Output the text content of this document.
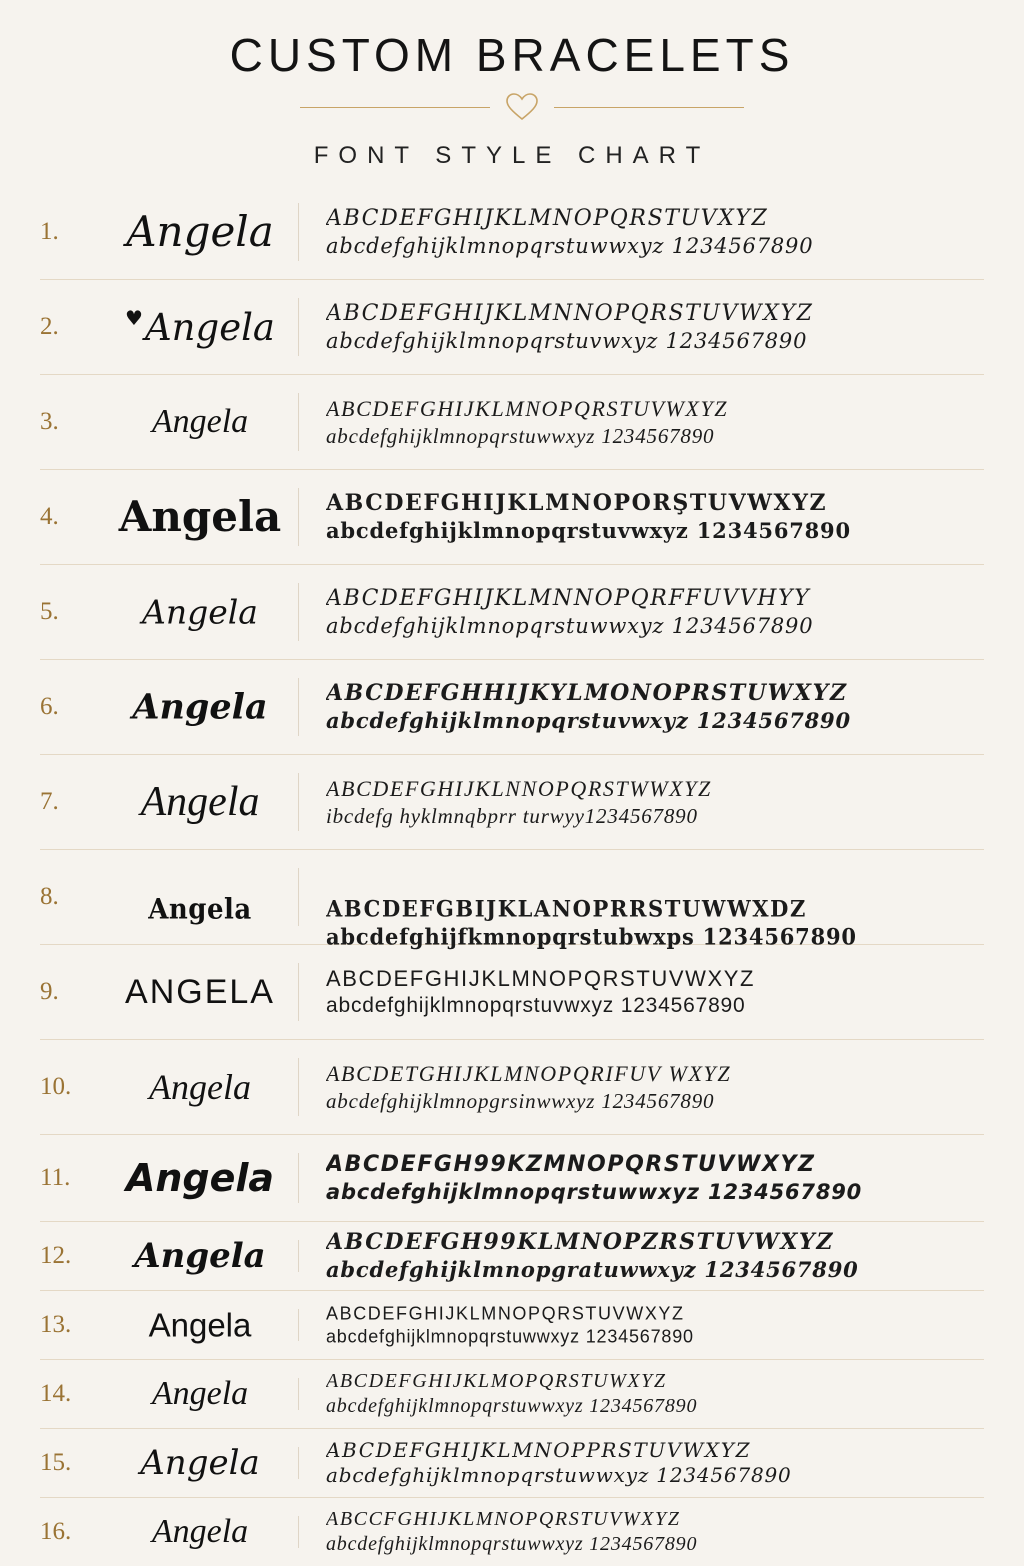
CUSTOM BRACELETS
FONT STYLE CHART
1.	Angela	ABCDEFGHIJKLMNOPQRSTUVXYZ
abcdefghijklmnopqrstuwwxyz 1234567890
2.	♥Angela	ABCDEFGHIJKLMNNOPQRSTUVWXYZ
abcdefghijklmnopqrstuvwxyz 1234567890
3.	Angela	ABCDEFGHIJKLMNOPQRSTUVWXYZ
abcdefghijklmnopqrstuwwxyz 1234567890
4.	Angela	ABCDEFGHIJKLMNOPORŞTUVWXYZ
abcdefghijklmnopqrstuvwxyz 1234567890
5.	Angela	ABCDEFGHIJKLMNNOPQRFFUVVHYY
abcdefghijklmnopqrstuwwxyz 1234567890
6.	Angela	ABCDEFGHHIJKYLMONOPRSTUWXYZ
abcdefghijklmnopqrstuvwxyz 1234567890
7.	Angela	ABCDEFGHIJKLNNOPQRSTWWXYZ
ibcdefg hyklmnqbprr turwyy1234567890
8.	Angela	ABCDEFGBIJKLANOPRRSTUWWXDZ
abcdefghijfkmnopqrstubwxps 1234567890
9.	ANGELA	ABCDEFGHIJKLMNOPQRSTUVWXYZ
abcdefghijklmnopqrstuvwxyz 1234567890
10.	Angela	ABCDETGHIJKLMNOPQRIFUV WXYZ
abcdefghijklmnopgrsinwwxyz 1234567890
11.	Angela	ABCDEFGH99KZMNOPQRSTUVWXYZ
abcdefghijklmnopqrstuwwxyz 1234567890
12.	Angela	ABCDEFGH99KLMNOPZRSTUVWXYZ
abcdefghijklmnopgratuwwxyz 1234567890
13.	Angela	ABCDEFGHIJKLMNOPQRSTUVWXYZ
abcdefghijklmnopqrstuwwxyz 1234567890
14.	Angela	ABCDEFGHIJKLMOPQRSTUWXYZ
abcdefghijklmnopqrstuwwxyz 1234567890
15.	Angela	ABCDEFGHIJKLMNOPPRSTUVWXYZ
abcdefghijklmnopqrstuwwxyz 1234567890
16.	Angela	ABCCFGHIJKLMNOPQRSTUVWXYZ
abcdefghijklmnopqrstuwwxyz 1234567890
